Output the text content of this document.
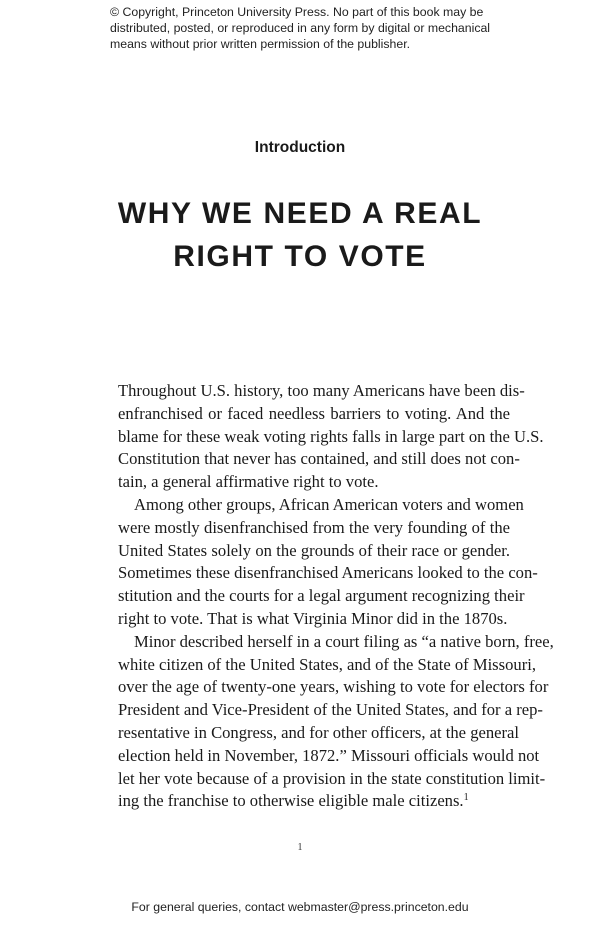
© Copyright, Princeton University Press. No part of this book may be
distributed, posted, or reproduced in any form by digital or mechanical
means without prior written permission of the publisher.
Introduction
WHY WE NEED A REAL
RIGHT TO VOTE
Throughout U.S. history, too many Americans have been dis-
enfranchised or faced needless barriers to voting. And the
blame for these weak voting rights falls in large part on the U.S.
Constitution that never has contained, and still does not con-
tain, a general affirmative right to vote.
Among other groups, African American voters and women
were mostly disenfranchised from the very founding of the
United States solely on the grounds of their race or gender.
Sometimes these disenfranchised Americans looked to the con-
stitution and the courts for a legal argument recognizing their
right to vote. That is what Virginia Minor did in the 1870s.
Minor described herself in a court filing as “a native born, free,
white citizen of the United States, and of the State of Missouri,
over the age of twenty-one years, wishing to vote for electors for
President and Vice-President of the United States, and for a rep-
resentative in Congress, and for other officers, at the general
election held in November, 1872.” Missouri officials would not
let her vote because of a provision in the state constitution limit-
ing the franchise to otherwise eligible male citizens.$^1$
1
For general queries, contact webmaster@press.princeton.edu
